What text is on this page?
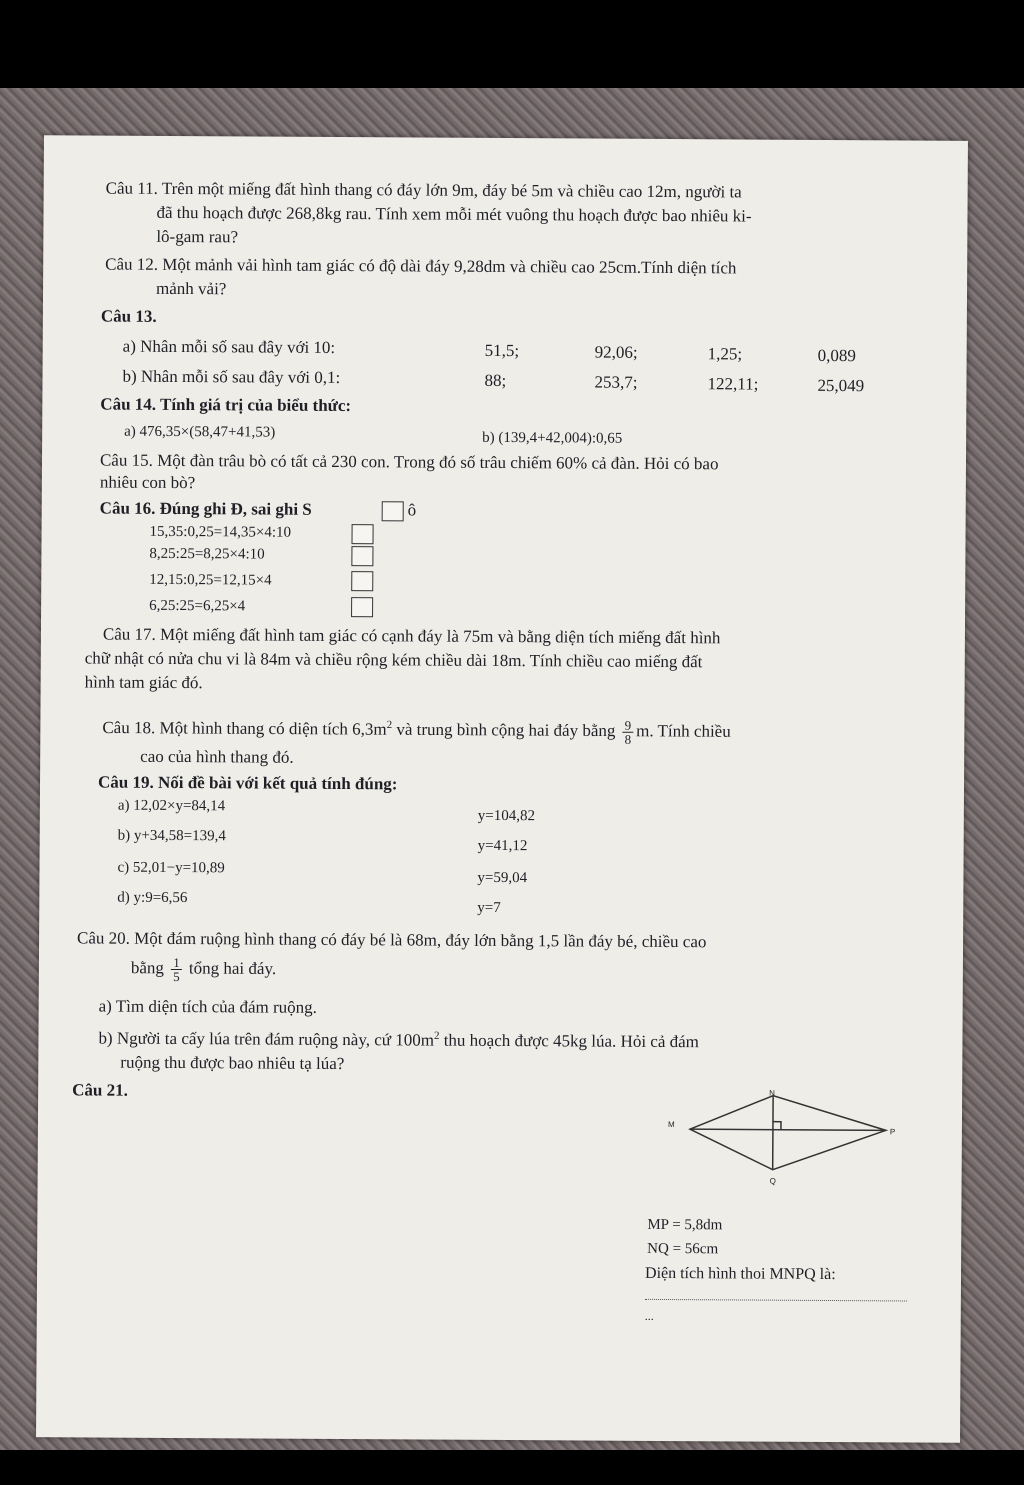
Câu 11. Trên một miếng đất hình thang có đáy lớn 9m, đáy bé 5m và chiều cao 12m, người ta
đã thu hoạch được 268,8kg rau. Tính xem mỗi mét vuông thu hoạch được bao nhiêu ki-
lô-gam rau?
Câu 12. Một mảnh vải hình tam giác có độ dài đáy 9,28dm và chiều cao 25cm.Tính diện tích
mảnh vải?
Câu 13.
a) Nhân mỗi số sau đây với 10:	51,5;	92,06;	1,25;	0,089
b) Nhân mỗi số sau đây với 0,1:	88;	253,7;	122,11;	25,049
Câu 14. Tính giá trị của biểu thức:
a) 476,35×(58,47+41,53)	b) (139,4+42,004):0,65
Câu 15. Một đàn trâu bò có tất cả 230 con. Trong đó số trâu chiếm 60% cả đàn. Hỏi có bao
nhiêu con bò?
Câu 16. Đúng ghi Đ, sai ghi S	ô
15,35:0,25=14,35×4:10
8,25:25=8,25×4:10
12,15:0,25=12,15×4
6,25:25=6,25×4
Câu 17. Một miếng đất hình tam giác có cạnh đáy là 75m và bằng diện tích miếng đất hình
chữ nhật có nửa chu vi là 84m và chiều rộng kém chiều dài 18m. Tính chiều cao miếng đất
hình tam giác đó.
Câu 18. Một hình thang có diện tích $6,3m^2$ và trung bình cộng hai đáy bằng $\frac{9}{8} m$. Tính chiều
cao của hình thang đó.
Câu 19. Nối đề bài với kết quả tính đúng:
a) 12,02×y=84,14
b) y+34,58=139,4
c) 52,01−y=10,89
d) y:9=6,56
y=104,82
y=41,12
y=59,04
y=7
Câu 20. Một đám ruộng hình thang có đáy bé là 68m, đáy lớn bằng 1,5 lần đáy bé, chiều cao
bằng $\frac{1}{5}$ tổng hai đáy.
a) Tìm diện tích của đám ruộng.
b) Người ta cấy lúa trên đám ruộng này, cứ $100m^2$ thu hoạch được 45kg lúa. Hỏi cả đám
ruộng thu được bao nhiêu tạ lúa?
Câu 21.	N
M
P
Q
MP = 5,8dm
NQ = 56cm
Diện tích hình thoi MNPQ là:
...
